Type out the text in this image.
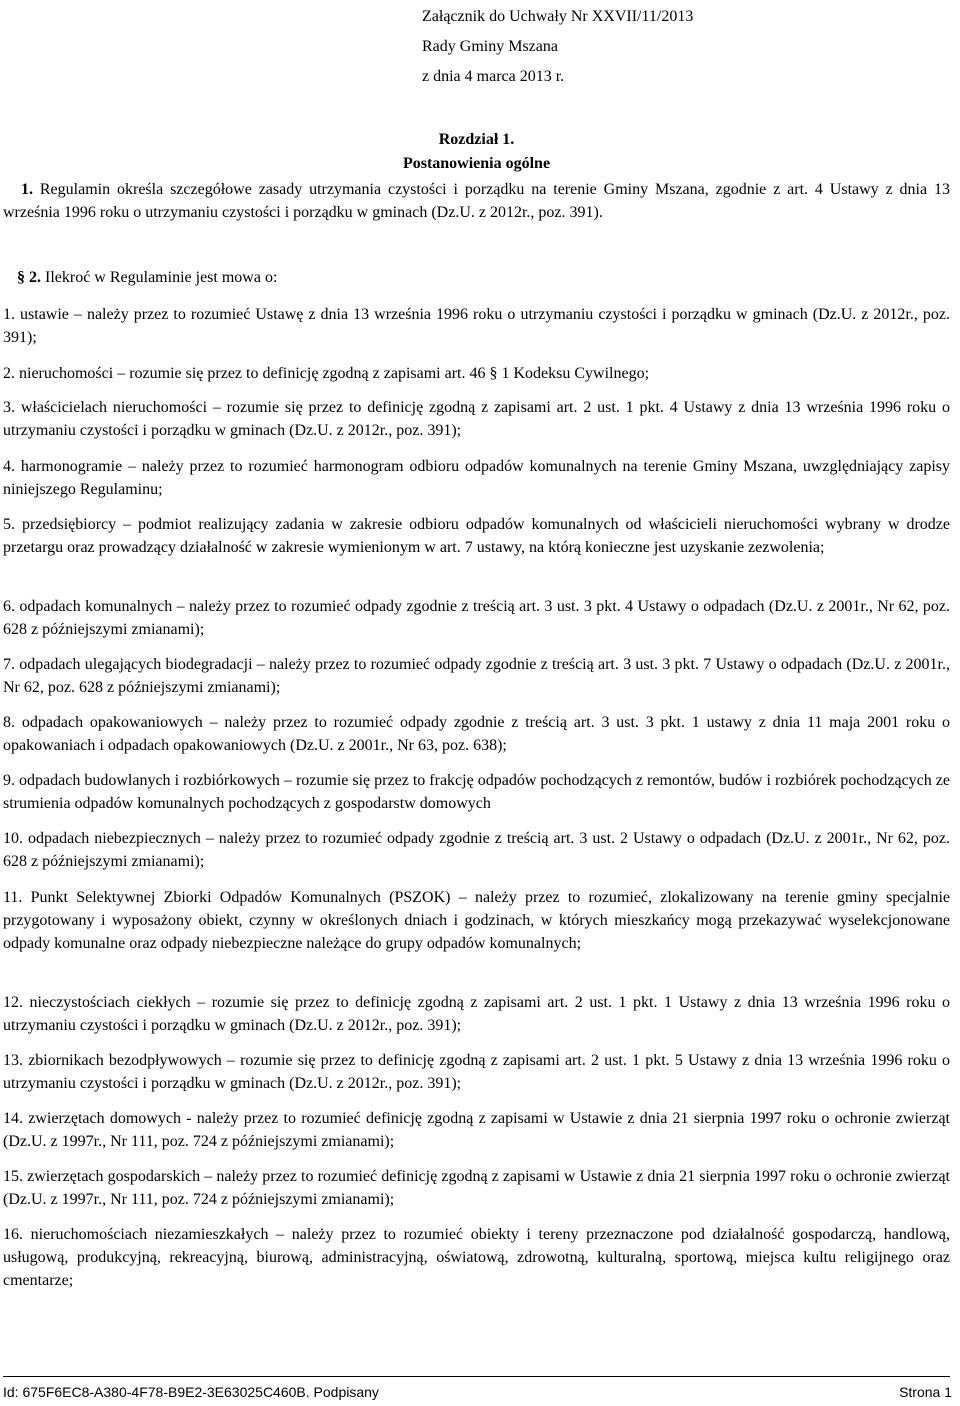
Załącznik do Uchwały Nr XXVII/11/2013
Rady Gminy Mszana
z dnia 4 marca 2013 r.
Rozdział 1.
Postanowienia ogólne
1. Regulamin określa szczegółowe zasady utrzymania czystości i porządku na terenie Gminy Mszana, zgodnie z art. 4 Ustawy z dnia 13 września 1996 roku o utrzymaniu czystości i porządku w gminach (Dz.U. z 2012r., poz. 391).
§ 2. Ilekroć w Regulaminie jest mowa o:
1. ustawie – należy przez to rozumieć Ustawę z dnia 13 września 1996 roku o utrzymaniu czystości i porządku w gminach (Dz.U. z 2012r., poz. 391);
2. nieruchomości – rozumie się przez to definicję zgodną z zapisami art. 46 § 1 Kodeksu Cywilnego;
3. właścicielach nieruchomości – rozumie się przez to definicję zgodną z zapisami art. 2 ust. 1 pkt. 4 Ustawy z dnia 13 września 1996 roku o utrzymaniu czystości i porządku w gminach (Dz.U. z 2012r., poz. 391);
4. harmonogramie – należy przez to rozumieć harmonogram odbioru odpadów komunalnych na terenie Gminy Mszana, uwzględniający zapisy niniejszego Regulaminu;
5. przedsiębiorcy – podmiot realizujący zadania w zakresie odbioru odpadów komunalnych od właścicieli nieruchomości wybrany w drodze przetargu oraz prowadzący działalność w zakresie wymienionym w art. 7 ustawy, na którą konieczne jest uzyskanie zezwolenia;
6. odpadach komunalnych – należy przez to rozumieć odpady zgodnie z treścią art. 3 ust. 3 pkt. 4 Ustawy o odpadach (Dz.U. z 2001r., Nr 62, poz. 628 z późniejszymi zmianami);
7. odpadach ulegających biodegradacji – należy przez to rozumieć odpady zgodnie z treścią art. 3 ust. 3 pkt. 7 Ustawy o odpadach (Dz.U. z 2001r., Nr 62, poz. 628 z późniejszymi zmianami);
8. odpadach opakowaniowych – należy przez to rozumieć odpady zgodnie z treścią art. 3 ust. 3 pkt. 1 ustawy z dnia 11 maja 2001 roku o opakowaniach i odpadach opakowaniowych (Dz.U. z 2001r., Nr 63, poz. 638);
9. odpadach budowlanych i rozbiórkowych – rozumie się przez to frakcję odpadów pochodzących z remontów, budów i rozbiórek pochodzących ze strumienia odpadów komunalnych pochodzących z gospodarstw domowych
10. odpadach niebezpiecznych – należy przez to rozumieć odpady zgodnie z treścią art. 3 ust. 2 Ustawy o odpadach (Dz.U. z 2001r., Nr 62, poz. 628 z późniejszymi zmianami);
11. Punkt Selektywnej Zbiorki Odpadów Komunalnych (PSZOK) – należy przez to rozumieć, zlokalizowany na terenie gminy specjalnie przygotowany i wyposażony obiekt, czynny w określonych dniach i godzinach, w których mieszkańcy mogą przekazywać wyselekcjonowane odpady komunalne oraz odpady niebezpieczne należące do grupy odpadów komunalnych;
12. nieczystościach ciekłych – rozumie się przez to definicję zgodną z zapisami art. 2 ust. 1 pkt. 1 Ustawy z dnia 13 września 1996 roku o utrzymaniu czystości i porządku w gminach (Dz.U. z 2012r., poz. 391);
13. zbiornikach bezodpływowych – rozumie się przez to definicję zgodną z zapisami art. 2 ust. 1 pkt. 5 Ustawy z dnia 13 września 1996 roku o utrzymaniu czystości i porządku w gminach (Dz.U. z 2012r., poz. 391);
14. zwierzętach domowych - należy przez to rozumieć definicję zgodną z zapisami w Ustawie z dnia 21 sierpnia 1997 roku o ochronie zwierząt (Dz.U. z 1997r., Nr 111, poz. 724 z późniejszymi zmianami);
15. zwierzętach gospodarskich – należy przez to rozumieć definicję zgodną z zapisami w Ustawie z dnia 21 sierpnia 1997 roku o ochronie zwierząt (Dz.U. z 1997r., Nr 111, poz. 724 z późniejszymi zmianami);
16. nieruchomościach niezamieszkałych – należy przez to rozumieć obiekty i tereny przeznaczone pod działalność gospodarczą, handlową, usługową, produkcyjną, rekreacyjną, biurową, administracyjną, oświatową, zdrowotną, kulturalną, sportową, miejsca kultu religijnego oraz cmentarze;
Id: 675F6EC8-A380-4F78-B9E2-3E63025C460B. Podpisany	Strona 1
